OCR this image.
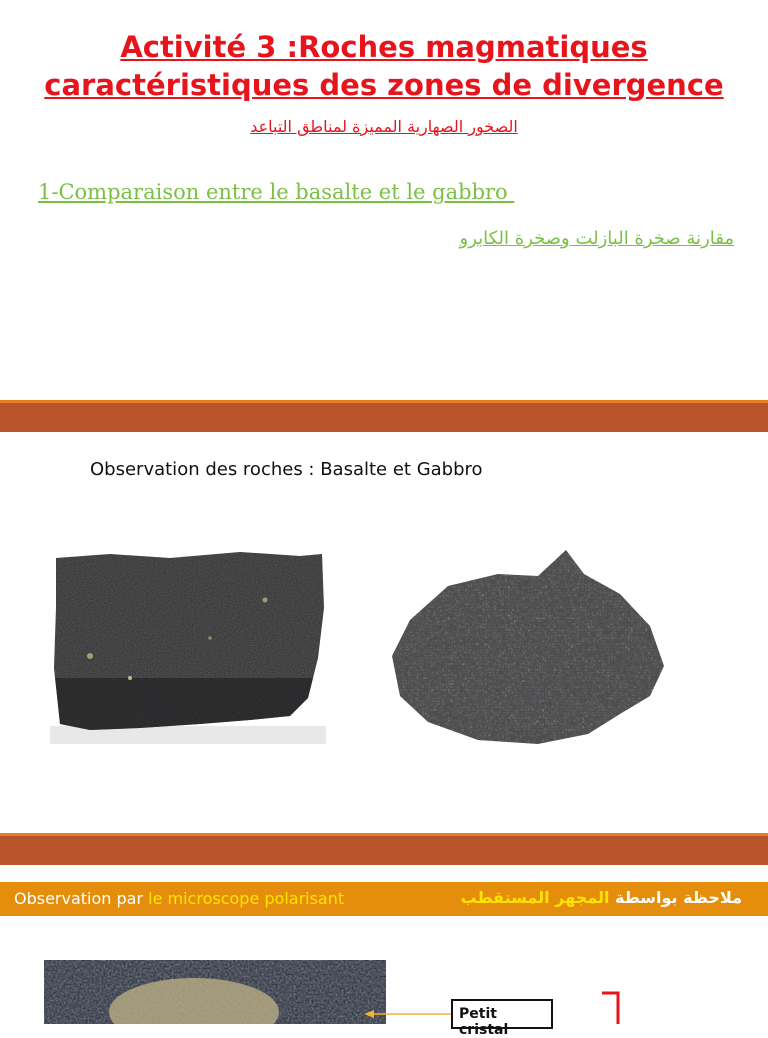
Activité 3 :Roches magmatiques
caractéristiques des zones de divergence
الصخور الصهارية المميزة لمناطق التباعد
1-Comparaison entre le basalte et le gabbro
مقارنة صخرة البازلت وصخرة الكابرو
Observation des roches : Basalte et Gabbro
Observation par le microscope polarisant	ملاحظة بواسطة المجهر المستقطب
Petit cristal
